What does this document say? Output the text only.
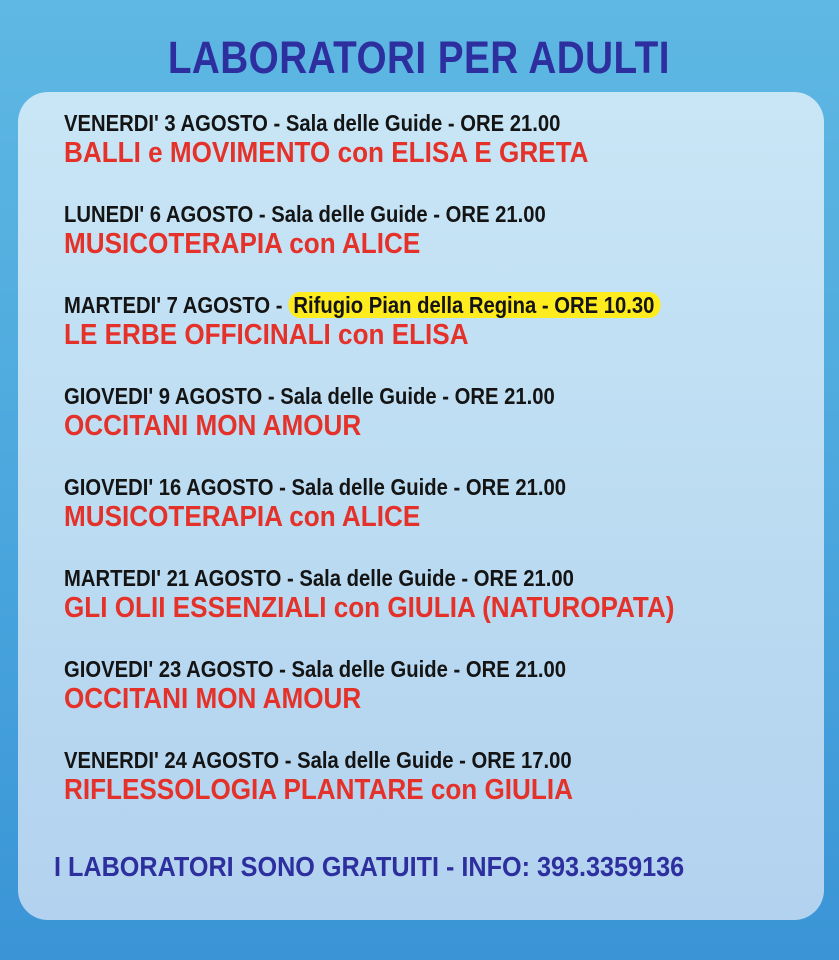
LABORATORI PER ADULTI
VENERDI' 3 AGOSTO - Sala delle Guide - ORE 21.00
BALLI e MOVIMENTO con ELISA E GRETA
LUNEDI' 6 AGOSTO - Sala delle Guide - ORE 21.00
MUSICOTERAPIA con ALICE
MARTEDI' 7 AGOSTO - Rifugio Pian della Regina - ORE 10.30
LE ERBE OFFICINALI con ELISA
GIOVEDI' 9 AGOSTO - Sala delle Guide - ORE 21.00
OCCITANI MON AMOUR
GIOVEDI' 16 AGOSTO - Sala delle Guide - ORE 21.00
MUSICOTERAPIA con ALICE
MARTEDI' 21 AGOSTO - Sala delle Guide - ORE 21.00
GLI OLII ESSENZIALI con GIULIA (NATUROPATA)
GIOVEDI' 23 AGOSTO - Sala delle Guide - ORE 21.00
OCCITANI MON AMOUR
VENERDI' 24 AGOSTO - Sala delle Guide - ORE 17.00
RIFLESSOLOGIA PLANTARE con GIULIA
I LABORATORI SONO GRATUITI - INFO: 393.3359136
